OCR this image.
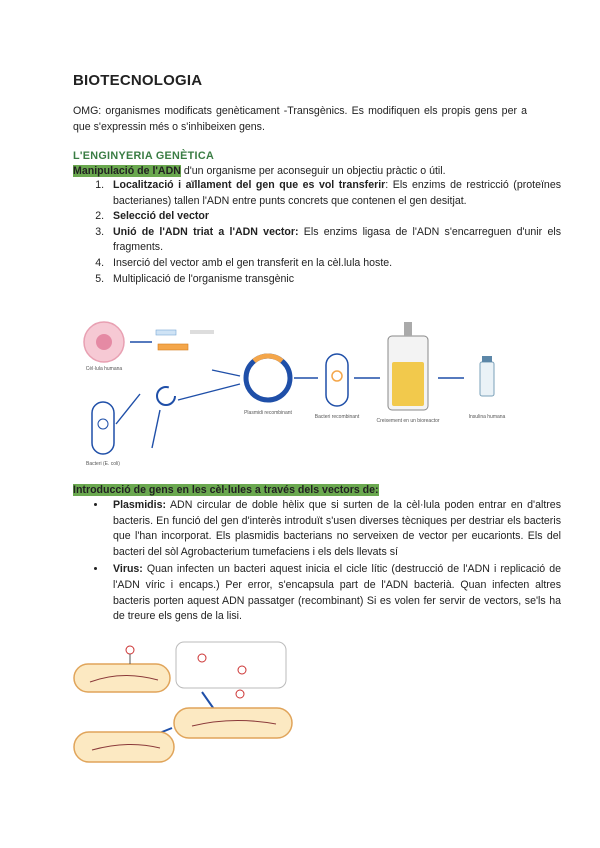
BIOTECNOLOGIA
OMG: organismes modificats genèticament -Transgènics. Es modifiquen els propis gens per a que s'expressin més o s'inhibeixen gens.
L'ENGINYERIA GENÈTICA
Manipulació de l'ADN d'un organisme per aconseguir un objectiu pràctic o útil.
1. Localització i aïllament del gen que es vol transferir: Els enzims de restricció (proteïnes bacterianes) tallen l'ADN entre punts concrets que contenen el gen desitjat.
2. Selecció del vector
3. Unió de l'ADN triat a l'ADN vector: Els enzims ligasa de l'ADN s'encarreguen d'unir els fragments.
4. Inserció del vector amb el gen transferit en la cèl.lula hoste.
5. Multiplicació de l'organisme transgènic
Cèl·lula humana
Bacteri (E. coli)
Plasmidi recombinant
Bacteri recombinant
Creixement en un bioreactor
Insulina humana
Introducció de gens en les cèl·lules a través dels vectors de:
• Plasmidis: ADN circular de doble hèlix que si surten de la cèl·lula poden entrar en d'altres bacteris. En funció del gen d'interès introduït s'usen diverses tècniques per destriar els bacteris que l'han incorporat. Els plasmidis bacterians no serveixen de vector per eucarionts. Els del bacteri del sòl Agrobacterium tumefaciens i els dels llevats sí
• Virus: Quan infecten un bacteri aquest inicia el cicle lític (destrucció de l'ADN i replicació de l'ADN víric i encaps.) Per error, s'encapsula part de l'ADN bacterià. Quan infecten altres bacteris porten aquest ADN passatger (recombinant) Si es volen fer servir de vectors, se'ls ha de treure els gens de la lisi.
